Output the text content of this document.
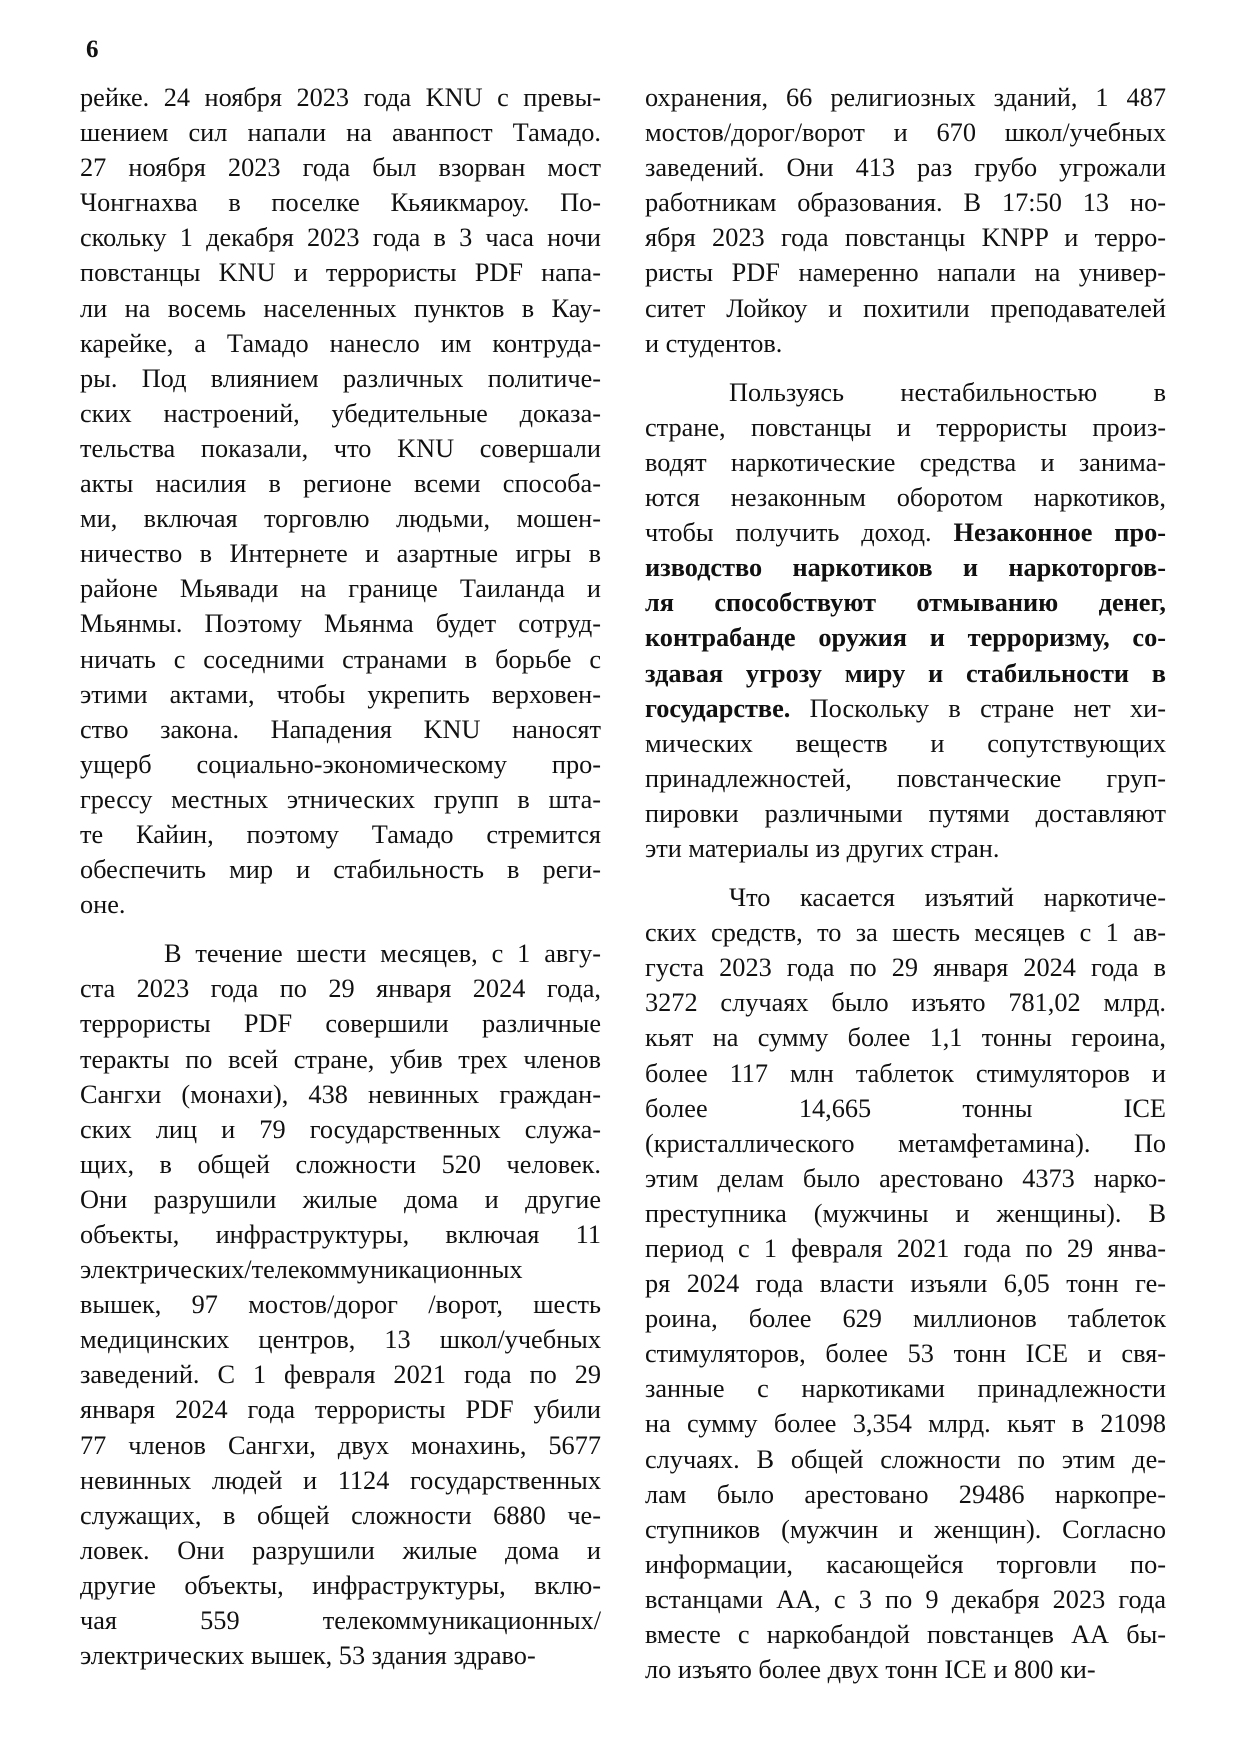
6
рейке. 24 ноября 2023 года KNU с превы-
шением сил напали на аванпост Тамадо.
27 ноября 2023 года был взорван мост
Чонгнахва в поселке Кьяикмароу. По-
скольку 1 декабря 2023 года в 3 часа ночи
повстанцы KNU и террористы PDF напа-
ли на восемь населенных пунктов в Кау-
карейке, а Тамадо нанесло им контруда-
ры. Под влиянием различных политиче-
ских настроений, убедительные доказа-
тельства показали, что KNU совершали
акты насилия в регионе всеми способа-
ми, включая торговлю людьми, мошен-
ничество в Интернете и азартные игры в
районе Мьявади на границе Таиланда и
Мьянмы. Поэтому Мьянма будет сотруд-
ничать с соседними странами в борьбе с
этими актами, чтобы укрепить верховен-
ство закона. Нападения KNU наносят
ущерб социально-экономическому про-
грессу местных этнических групп в шта-
те Кайин, поэтому Тамадо стремится
обеспечить мир и стабильность в реги-
оне.
В течение шести месяцев, с 1 авгу-
ста 2023 года по 29 января 2024 года,
террористы PDF совершили различные
теракты по всей стране, убив трех членов
Сангхи (монахи), 438 невинных граждан-
ских лиц и 79 государственных служа-
щих, в общей сложности 520 человек.
Они разрушили жилые дома и другие
объекты, инфраструктуры, включая 11
электрических/телекоммуникационных
вышек, 97 мостов/дорог /ворот, шесть
медицинских центров, 13 школ/учебных
заведений. С 1 февраля 2021 года по 29
января 2024 года террористы PDF убили
77 членов Сангхи, двух монахинь, 5677
невинных людей и 1124 государственных
служащих, в общей сложности 6880 че-
ловек. Они разрушили жилые дома и
другие объекты, инфраструктуры, вклю-
чая 559 телекоммуникационных/
электрических вышек, 53 здания здраво-
охранения, 66 религиозных зданий, 1 487
мостов/дорог/ворот и 670 школ/учебных
заведений. Они 413 раз грубо угрожали
работникам образования. В 17:50 13 но-
ября 2023 года повстанцы KNPP и терро-
ристы PDF намеренно напали на универ-
ситет Лойкоу и похитили преподавателей
и студентов.
Пользуясь нестабильностью в
стране, повстанцы и террористы произ-
водят наркотические средства и занима-
ются незаконным оборотом наркотиков,
чтобы получить доход. Незаконное про-
изводство наркотиков и наркоторгов-
ля способствуют отмыванию денег,
контрабанде оружия и терроризму, со-
здавая угрозу миру и стабильности в
государстве. Поскольку в стране нет хи-
мических веществ и сопутствующих
принадлежностей, повстанческие груп-
пировки различными путями доставляют
эти материалы из других стран.
Что касается изъятий наркотиче-
ских средств, то за шесть месяцев с 1 ав-
густа 2023 года по 29 января 2024 года в
3272 случаях было изъято 781,02 млрд.
кьят на сумму более 1,1 тонны героина,
более 117 млн таблеток стимуляторов и
более 14,665 тонны ICE
(кристаллического метамфетамина). По
этим делам было арестовано 4373 нарко-
преступника (мужчины и женщины). В
период с 1 февраля 2021 года по 29 янва-
ря 2024 года власти изъяли 6,05 тонн ге-
роина, более 629 миллионов таблеток
стимуляторов, более 53 тонн ICE и свя-
занные с наркотиками принадлежности
на сумму более 3,354 млрд. кьят в 21098
случаях. В общей сложности по этим де-
лам было арестовано 29486 наркопре-
ступников (мужчин и женщин). Согласно
информации, касающейся торговли по-
встанцами АА, с 3 по 9 декабря 2023 года
вместе с наркобандой повстанцев АА бы-
ло изъято более двух тонн ICE и 800 ки-
